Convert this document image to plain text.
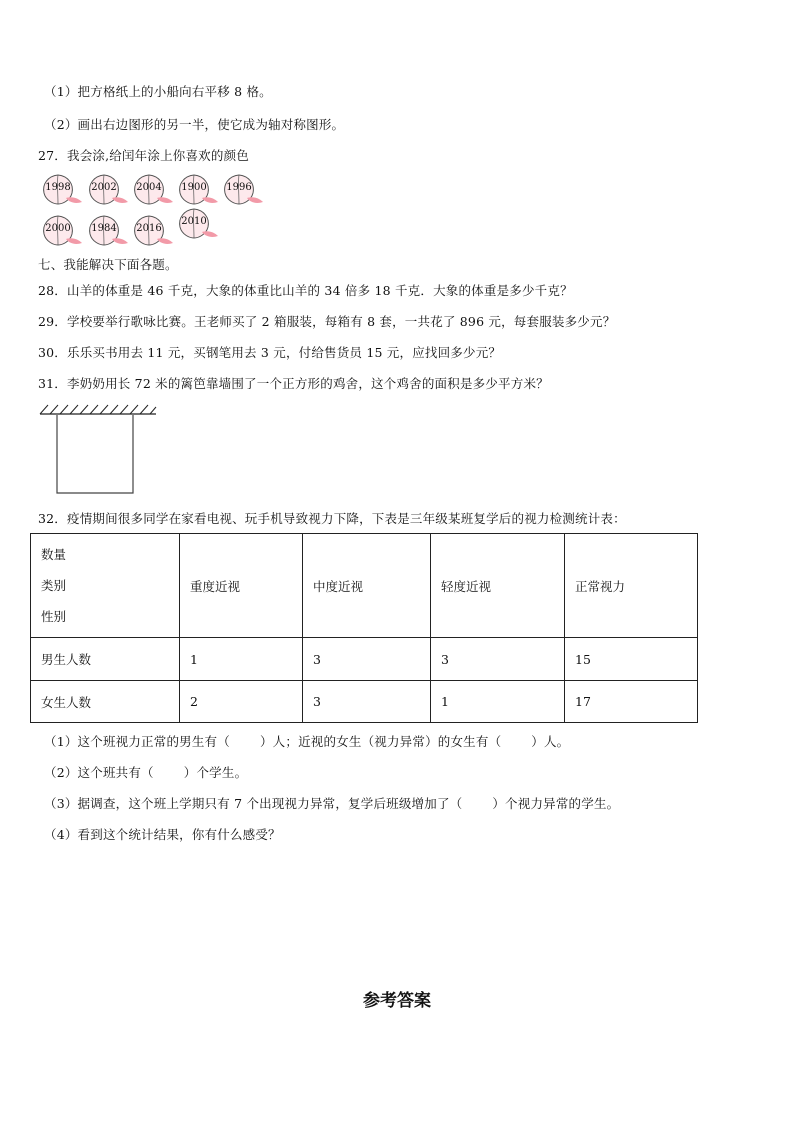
（1）把方格纸上的小船向右平移 8 格。
（2）画出右边图形的另一半，使它成为轴对称图形。
27．我会涂,给闰年涂上你喜欢的颜色
1998	2002	2004	1900	1996
2000	1984	2016
2010
七、我能解决下面各题。
28．山羊的体重是 46 千克，大象的体重比山羊的 34 倍多 18 千克．大象的体重是多少千克？
29．学校要举行歌咏比赛。王老师买了 2 箱服装，每箱有 8 套，一共花了 896 元，每套服装多少元？
30．乐乐买书用去 11 元，买钢笔用去 3 元，付给售货员 15 元，应找回多少元？
31．李奶奶用长 72 米的篱笆靠墙围了一个正方形的鸡舍，这个鸡舍的面积是多少平方米？
32．疫情期间很多同学在家看电视、玩手机导致视力下降，下表是三年级某班复学后的视力检测统计表：
数量
类别
性别	重度近视	中度近视	轻度近视	正常视力
男生人数	1	3	3	15
女生人数	2	3	1	17
（1）这个班视力正常的男生有（ ）人；近视的女生（视力异常）的女生有（ ）人。
（2）这个班共有（ ）个学生。
（3）据调查，这个班上学期只有 7 个出现视力异常，复学后班级增加了（ ）个视力异常的学生。
（4）看到这个统计结果，你有什么感受？
参考答案
